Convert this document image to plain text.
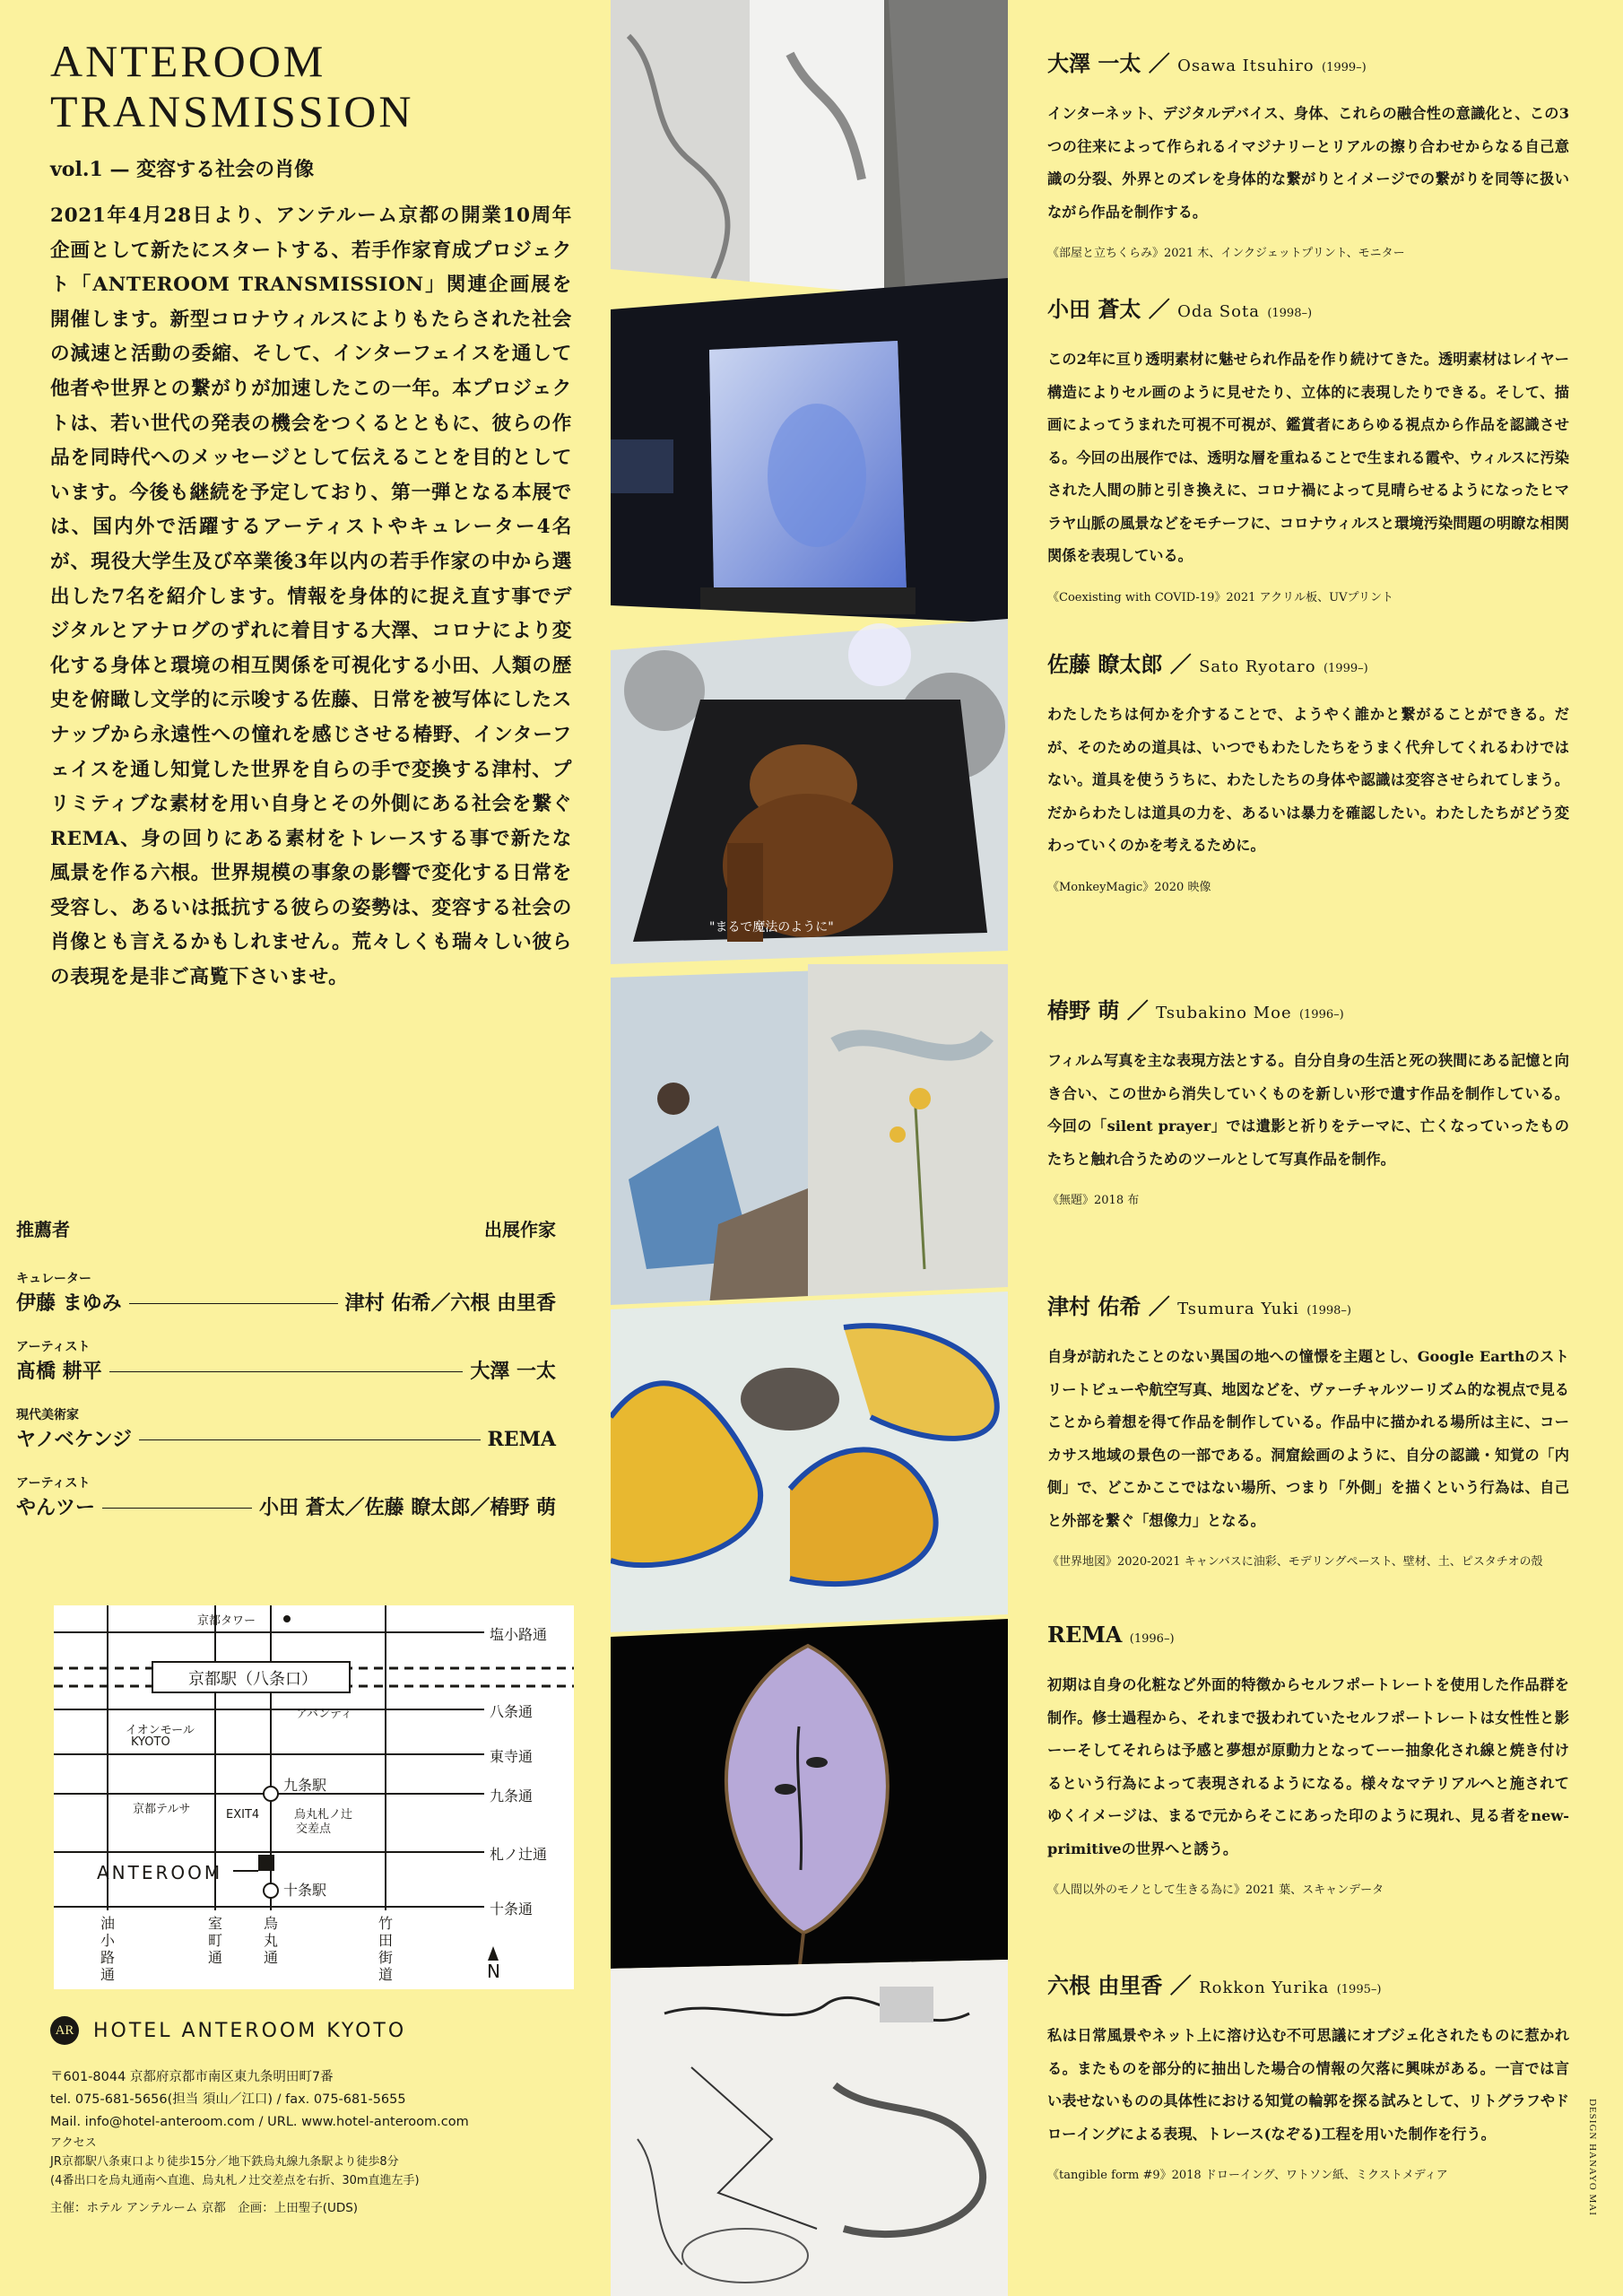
ANTEROOM
TRANSMISSION

vol.1 — 変容する社会の肖像

2021年4月28日より、アンテルーム京都の開業10周年企画として新たにスタートする、若手作家育成プロジェクト「ANTEROOM TRANSMISSION」関連企画展を開催します。新型コロナウィルスによりもたらされた社会の減速と活動の委縮、そして、インターフェイスを通して他者や世界との繋がりが加速したこの一年。本プロジェクトは、若い世代の発表の機会をつくるとともに、彼らの作品を同時代へのメッセージとして伝えることを目的としています。今後も継続を予定しており、第一弾となる本展では、国内外で活躍するアーティストやキュレーター4名が、現役大学生及び卒業後3年以内の若手作家の中から選出した7名を紹介します。情報を身体的に捉え直す事でデジタルとアナログのずれに着目する大澤、コロナにより変化する身体と環境の相互関係を可視化する小田、人類の歴史を俯瞰し文学的に示唆する佐藤、日常を被写体にしたスナップから永遠性への憧れを感じさせる椿野、インターフェイスを通し知覚した世界を自らの手で変換する津村、プリミティブな素材を用い自身とその外側にある社会を繋ぐREMA、身の回りにある素材をトレースする事で新たな風景を作る六根。世界規模の事象の影響で変化する日常を受容し、あるいは抵抗する彼らの姿勢は、変容する社会の肖像とも言えるかもしれません。荒々しくも瑞々しい彼らの表現を是非ご高覧下さいませ。

推薦者	出展作家
キュレーター
伊藤 まゆみ	津村 佑希／六根 由里香
アーティスト
髙橋 耕平	大澤 一太
現代美術家
ヤノベケンジ	REMA
アーティスト
やんツー	小田 蒼太／佐藤 瞭太郎／椿野 萌
京都駅（八条口）
京都タワー
塩小路通
八条通
東寺通
九条通
札ノ辻通
十条通
イオンモール
KYOTO
アバンティ
京都テルサ
九条駅
EXIT4	烏丸札ノ辻
交差点
十条駅
ANTEROOM
油小路通
室町通
烏丸通
竹田街道	N
AR HOTEL ANTEROOM KYOTO

〒601-8044 京都府京都市南区東九条明田町7番

tel. 075-681-5656(担当 須山／江口) / fax. 075-681-5655

Mail. info@hotel-anteroom.com / URL. www.hotel-anteroom.com

アクセス

JR京都駅八条東口より徒歩15分／地下鉄烏丸線九条駅より徒歩8分

(4番出口を烏丸通南へ直進、烏丸札ノ辻交差点を右折、30m直進左手)

主催：ホテル アンテルーム 京都　企画：上田聖子(UDS)

"まるで魔法のように"
大澤 一太 ／ Osawa Itsuhiro (1999–)

インターネット、デジタルデバイス、身体、これらの融合性の意識化と、この3つの往来によって作られるイマジナリーとリアルの擦り合わせからなる自己意識の分裂、外界とのズレを身体的な繋がりとイメージでの繋がりを同等に扱いながら作品を制作する。

《部屋と立ちくらみ》2021 木、インクジェットプリント、モニター

小田 蒼太 ／ Oda Sota (1998–)

この2年に亘り透明素材に魅せられ作品を作り続けてきた。透明素材はレイヤー構造によりセル画のように見せたり、立体的に表現したりできる。そして、描画によってうまれた可視不可視が、鑑賞者にあらゆる視点から作品を認識させる。今回の出展作では、透明な層を重ねることで生まれる霞や、ウィルスに汚染された人間の肺と引き換えに、コロナ禍によって見晴らせるようになったヒマラヤ山脈の風景などをモチーフに、コロナウィルスと環境汚染問題の明瞭な相関関係を表現している。

《Coexisting with COVID-19》2021 アクリル板、UVプリント

佐藤 瞭太郎 ／ Sato Ryotaro (1999–)

わたしたちは何かを介することで、ようやく誰かと繋がることができる。だが、そのための道具は、いつでもわたしたちをうまく代弁してくれるわけではない。道具を使ううちに、わたしたちの身体や認識は変容させられてしまう。だからわたしは道具の力を、あるいは暴力を確認したい。わたしたちがどう変わっていくのかを考えるために。

《MonkeyMagic》2020 映像

椿野 萌 ／ Tsubakino Moe (1996–)

フィルム写真を主な表現方法とする。自分自身の生活と死の狭間にある記憶と向き合い、この世から消失していくものを新しい形で遺す作品を制作している。今回の「silent prayer」では遺影と祈りをテーマに、亡くなっていったものたちと触れ合うためのツールとして写真作品を制作。

《無題》2018 布

津村 佑希 ／ Tsumura Yuki (1998–)

自身が訪れたことのない異国の地への憧憬を主題とし、Google Earthのストリートビューや航空写真、地図などを、ヴァーチャルツーリズム的な視点で見ることから着想を得て作品を制作している。作品中に描かれる場所は主に、コーカサス地域の景色の一部である。洞窟絵画のように、自分の認識・知覚の「内側」で、どこかここではない場所、つまり「外側」を描くという行為は、自己と外部を繋ぐ「想像力」となる。

《世界地図》2020-2021 キャンバスに油彩、モデリングペースト、壁材、土、ピスタチオの殻

REMA (1996–)

初期は自身の化粧など外面的特徴からセルフポートレートを使用した作品群を制作。修士過程から、それまで扱われていたセルフポートレートは女性性と影ーーそしてそれらは予感と夢想が原動力となってーー抽象化され線と焼き付けるという行為によって表現されるようになる。様々なマテリアルへと施されてゆくイメージは、まるで元からそこにあった印のように現れ、見る者をnew-primitiveの世界へと誘う。

《人間以外のモノとして生きる為に》2021 葉、スキャンデータ

六根 由里香 ／ Rokkon Yurika (1995–)

私は日常風景やネット上に溶け込む不可思議にオブジェ化されたものに惹かれる。またものを部分的に抽出した場合の情報の欠落に興味がある。一言では言い表せないものの具体性における知覚の輪郭を探る試みとして、リトグラフやドローイングによる表現、トレース(なぞる)工程を用いた制作を行う。

《tangible form #9》2018 ドローイング、ワトソン紙、ミクストメディア	DESIGN HANAYO MAI
